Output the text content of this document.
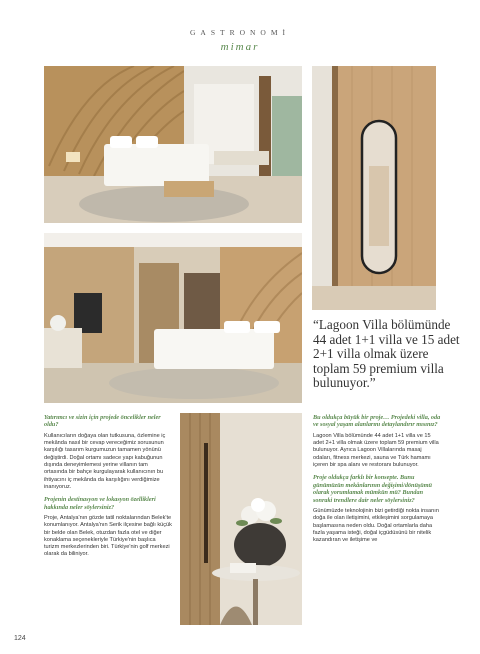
GASTRONOMİ
mimar
“Lagoon Villa bölümünde 44 adet 1+1 villa ve 15 adet 2+1 villa olmak üzere toplam 59 premium villa bulunuyor.”
Yatırımcı ve sizin için projede öncelikler neler oldu?
Kullanıcıların doğaya olan tutkusuna, özlemine iç mekânda nasıl bir cevap vereceğimiz sorusunun karşılığı tasarım kurgumuzun tamamen yönünü değiştirdi. Doğal ortamı sadece yapı kabuğunun dışında deneyimlemesi yerine villanın tam ortasında bir bahçe kurgulayarak kullanıcının bu ihtiyacını iç mekânda da karşılığını verdiğimize inanıyoruz.
Projenin destinasyon ve lokasyon özellikleri hakkında neler söylersiniz?
Proje, Antalya'nın gözde tatil noktalarından Belek'te konumlanıyor. Antalya'nın Serik ilçesine bağlı küçük bir belde olan Belek, otuzdan fazla otel ve diğer konaklama seçenekleriyle Türkiye'nin başlıca turizm merkezlerinden biri. Türkiye'nin golf merkezi olarak da biliniyor.
Bu oldukça büyük bir proje… Projedeki villa, oda ve sosyal yaşam alanlarını detaylandırır mısınız?
Lagoon Villa bölümünde 44 adet 1+1 villa ve 15 adet 2+1 villa olmak üzere toplam 59 premium villa bulunuyor. Ayrıca Lagoon Villalarında masaj odaları, fitness merkezi, sauna ve Türk hamamı içeren bir spa alanı ve restoranı bulunuyor.
Proje oldukça farklı bir konsepte. Bunu günümüzün mekânlarının değişimi/dönüşümü olarak yorumlamak mümkün mü? Bundan sonraki trendlere dair neler söylersiniz?
Günümüzde teknolojinin bizi getirdiği nokta insanın doğa ile olan iletişimini, etkileşimini sorgulamaya başlamasına neden oldu. Doğal ortamlarla daha fazla yaşama isteği, doğal içgüdüsünü bir nitelik kazandıran ve iletişime ve
124
